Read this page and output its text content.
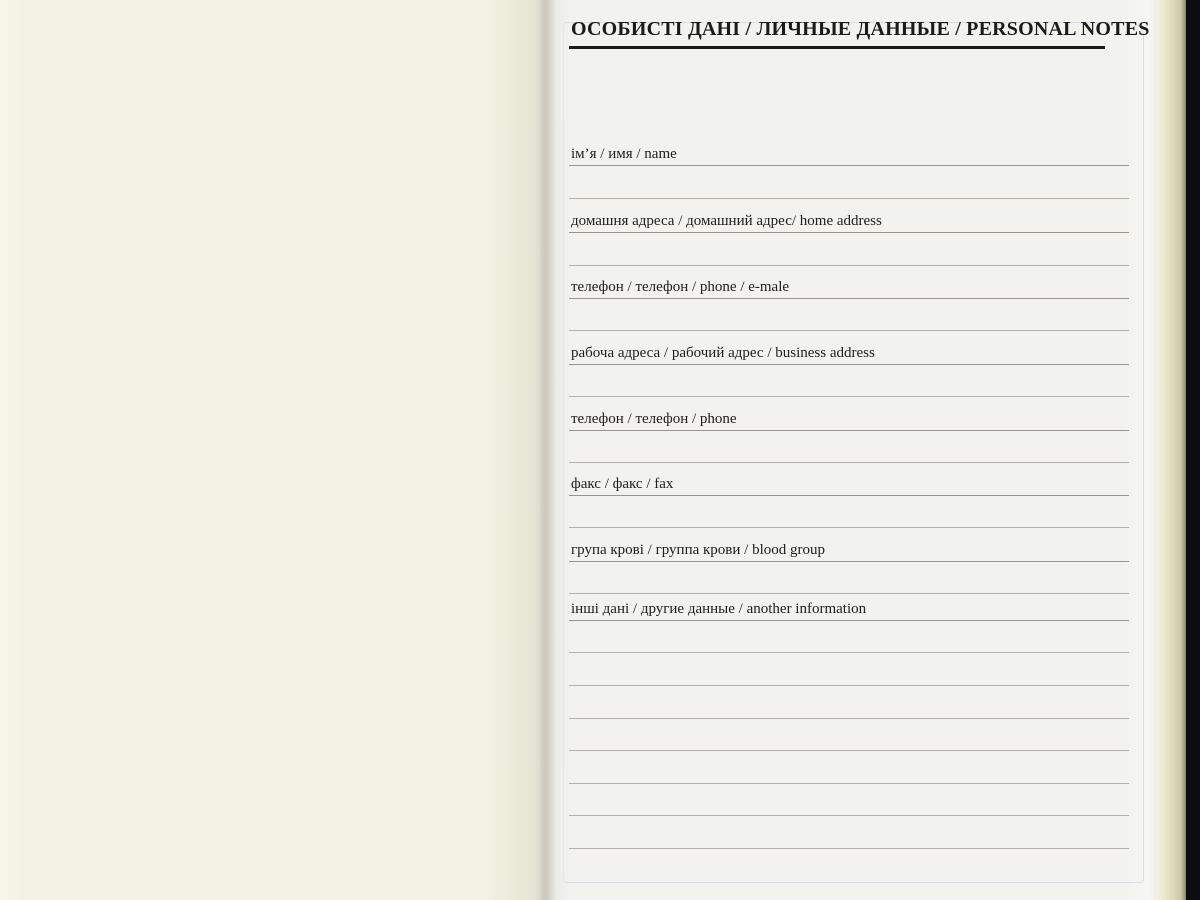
ОСОБИСТІ ДАНІ / ЛИЧНЫЕ ДАННЫЕ / PERSONAL NOTES
ім’я / имя / name
домашня адреса / домашний адрес/ home address
телефон / телефон / phone / e-male
рабоча адреса / рабочий адрес / business address
телефон / телефон / phone
факс / факс / fax
група крові / группа крови / blood group
інші дані / другие данные / another information
